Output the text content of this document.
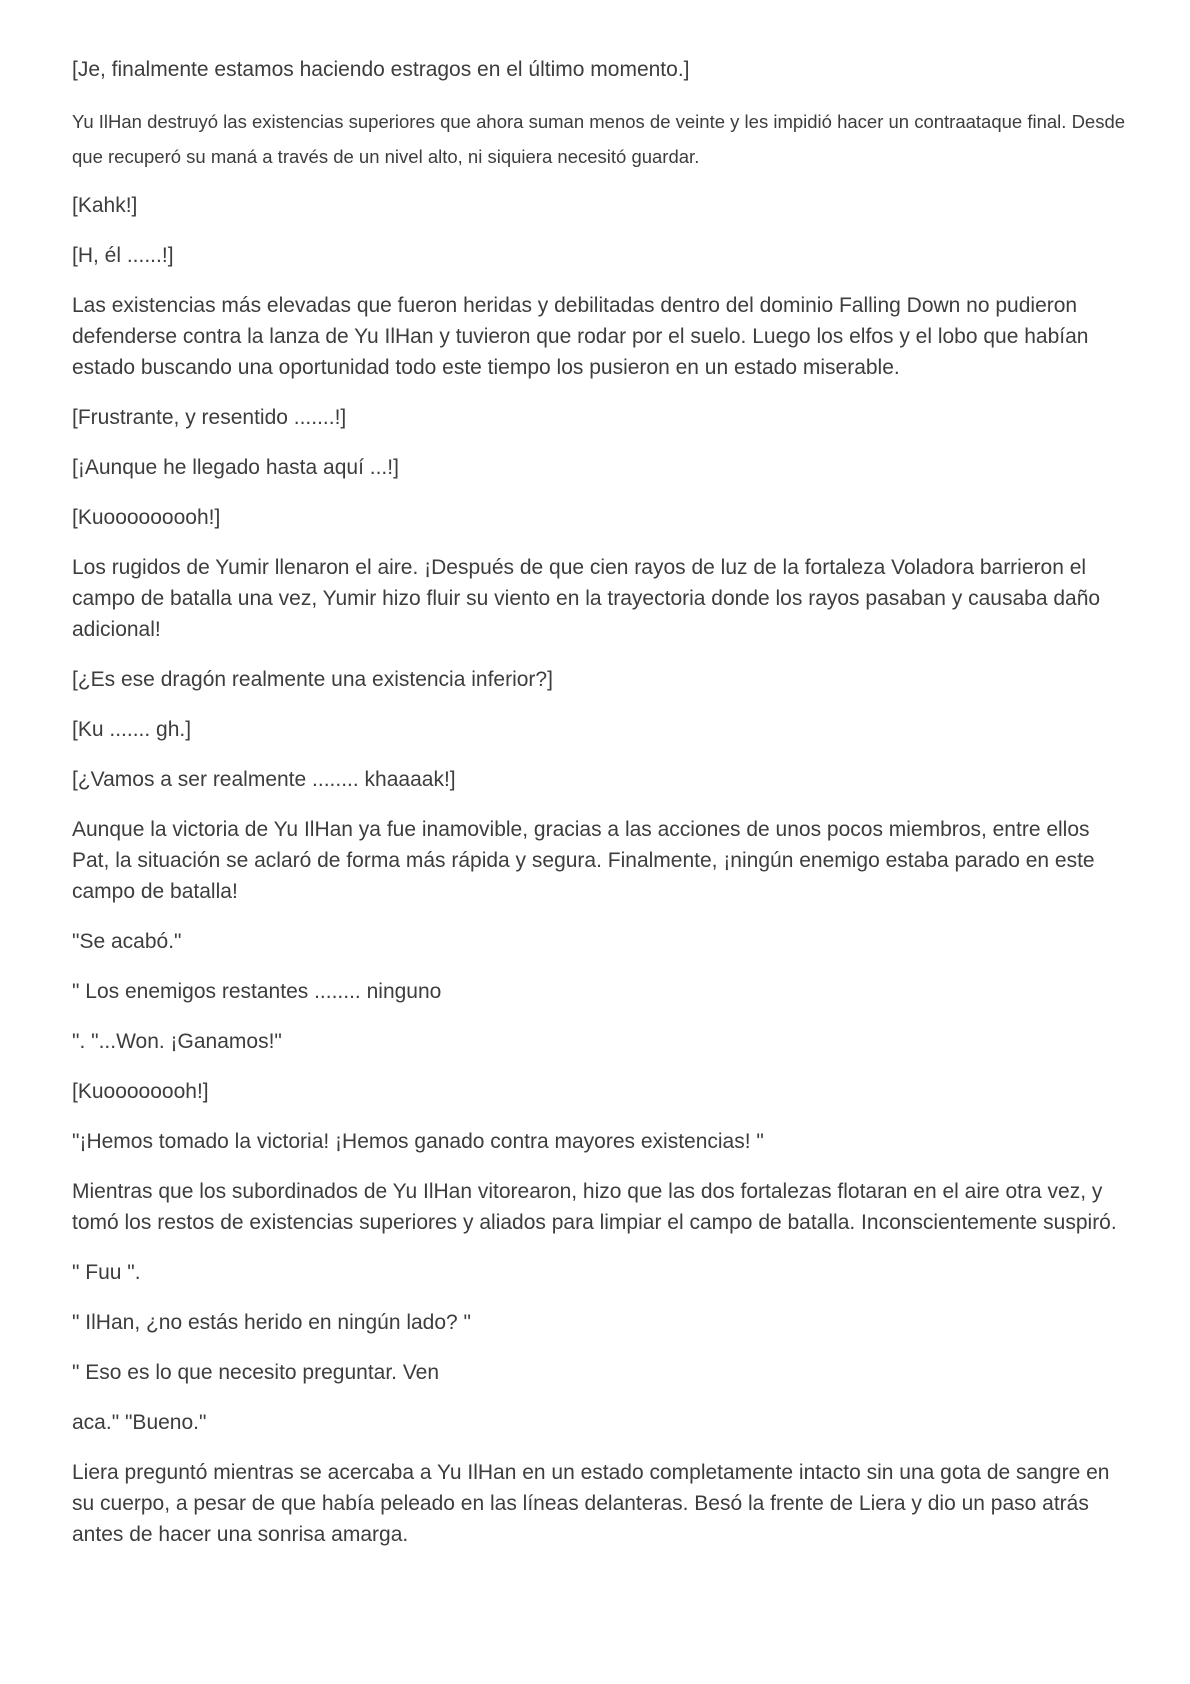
[Je, finalmente estamos haciendo estragos en el último momento.]

Yu IlHan destruyó las existencias superiores que ahora suman menos de veinte y les impidió hacer un contraataque final. Desde que recuperó su maná a través de un nivel alto, ni siquiera necesitó guardar.

[Kahk!]

[H, él ......!]

Las existencias más elevadas que fueron heridas y debilitadas dentro del dominio Falling Down no pudieron defenderse contra la lanza de Yu IlHan y tuvieron que rodar por el suelo. Luego los elfos y el lobo que habían estado buscando una oportunidad todo este tiempo los pusieron en un estado miserable.

[Frustrante, y resentido .......!]

[¡Aunque he llegado hasta aquí ...!]

[Kuooooooooh!]

Los rugidos de Yumir llenaron el aire. ¡Después de que cien rayos de luz de la fortaleza Voladora barrieron el campo de batalla una vez, Yumir hizo fluir su viento en la trayectoria donde los rayos pasaban y causaba daño adicional!

[¿Es ese dragón realmente una existencia inferior?]

[Ku ....... gh.]

[¿Vamos a ser realmente ........ khaaaak!]

Aunque la victoria de Yu IlHan ya fue inamovible, gracias a las acciones de unos pocos miembros, entre ellos Pat, la situación se aclaró de forma más rápida y segura. Finalmente, ¡ningún enemigo estaba parado en este campo de batalla!

"Se acabó."

" Los enemigos restantes ........ ninguno

". "...Won. ¡Ganamos!"

[Kuoooooooh!]

"¡Hemos tomado la victoria! ¡Hemos ganado contra mayores existencias! "

Mientras que los subordinados de Yu IlHan vitorearon, hizo que las dos fortalezas flotaran en el aire otra vez, y tomó los restos de existencias superiores y aliados para limpiar el campo de batalla. Inconscientemente suspiró.

" Fuu ".

" IlHan, ¿no estás herido en ningún lado? "

" Eso es lo que necesito preguntar. Ven

aca." "Bueno."

Liera preguntó mientras se acercaba a Yu IlHan en un estado completamente intacto sin una gota de sangre en su cuerpo, a pesar de que había peleado en las líneas delanteras. Besó la frente de Liera y dio un paso atrás antes de hacer una sonrisa amarga.
